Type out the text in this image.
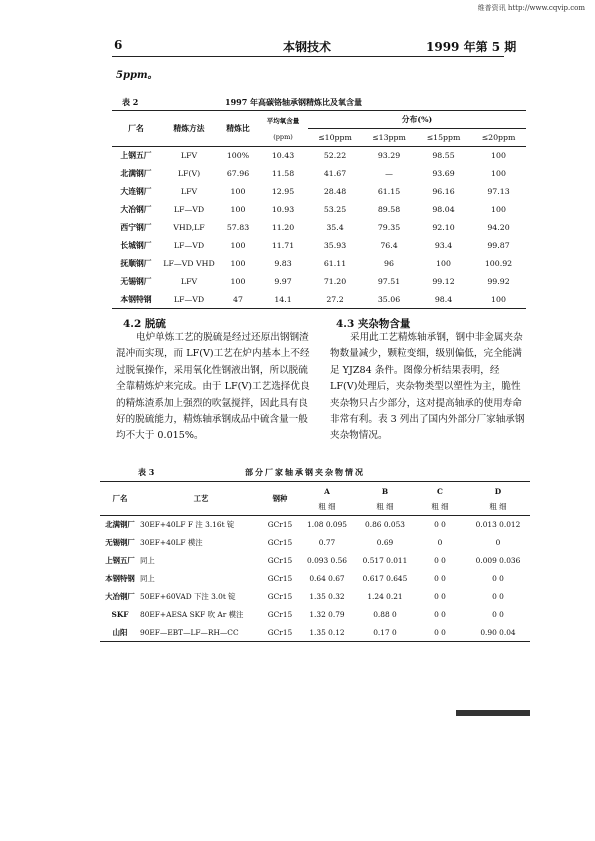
维普资讯 http://www.cqvip.com
6	本钢技术	1999 年第 5 期
5ppm。
表 2	1997 年高碳铬轴承钢精炼比及氧含量
厂名	精炼方法	精炼比	平均氧含量	分布(%)			
			(ppm)	≤10ppm	≤13ppm	≤15ppm	≤20ppm

上钢五厂	LFV	100%	10.43	52.22	93.29	98.55	100
北满钢厂	LF(V)	67.96	11.58	41.67	—	93.69	100
大连钢厂	LFV	100	12.95	28.48	61.15	96.16	97.13
大冶钢厂	LF—VD	100	10.93	53.25	89.58	98.04	100
西宁钢厂	VHD,LF	57.83	11.20	35.4	79.35	92.10	94.20
长城钢厂	LF—VD	100	11.71	35.93	76.4	93.4	99.87
抚顺钢厂	LF—VD VHD	100	9.83	61.11	96	100	100.92
无锡钢厂	LFV	100	9.97	71.20	97.51	99.12	99.92
本钢特钢	LF—VD	47	14.1	27.2	35.06	98.4	100

4.2 脱硫
电炉单炼工艺的脱硫是经过还原出钢钢渣混冲而实现，而 LF(V)工艺在炉内基本上不经过脱氧操作，采用氧化性钢液出钢，所以脱硫全靠精炼炉来完成。由于 LF(V)工艺选择优良的精炼渣系加上强烈的吹氩搅拌，因此具有良好的脱硫能力，精炼轴承钢成品中硫含量一般均不大于 0.015%。
4.3 夹杂物含量
采用此工艺精炼轴承钢，钢中非金属夹杂物数量减少，颗粒变细，级别偏低，完全能满足 YJZ84 条件。图像分析结果表明，经 LF(V)处理后，夹杂物类型以塑性为主，脆性夹杂物只占少部分，这对提高轴承的使用寿命非常有利。表 3 列出了国内外部分厂家轴承钢夹杂物情况。
表 3	部分厂家轴承钢夹杂物情况
厂名	工艺	钢种	A	B	C	D
			粗 细	粗 细	粗 细	粗 细

北满钢厂	30EF+40LF F 注 3.16t 锭	GCr15	1.08 0.095	0.86 0.053	0 0	0.013 0.012
无锡钢厂	30EF+40LF 模注	GCr15	0.77	0.69	0	0
上钢五厂	同上	GCr15	0.093 0.56	0.517 0.011	0 0	0.009 0.036
本钢特钢	同上	GCr15	0.64 0.67	0.617 0.645	0 0	0 0
大冶钢厂	50EF+60VAD 下注 3.0t 锭	GCr15	1.35 0.32	1.24 0.21	0 0	0 0
SKF	80EF+AESA SKF 吹 Ar 模注	GCr15	1.32 0.79	0.88 0	0 0	0 0
山阳	90EF—EBT—LF—RH—CC	GCr15	1.35 0.12	0.17 0	0 0	0.90 0.04
